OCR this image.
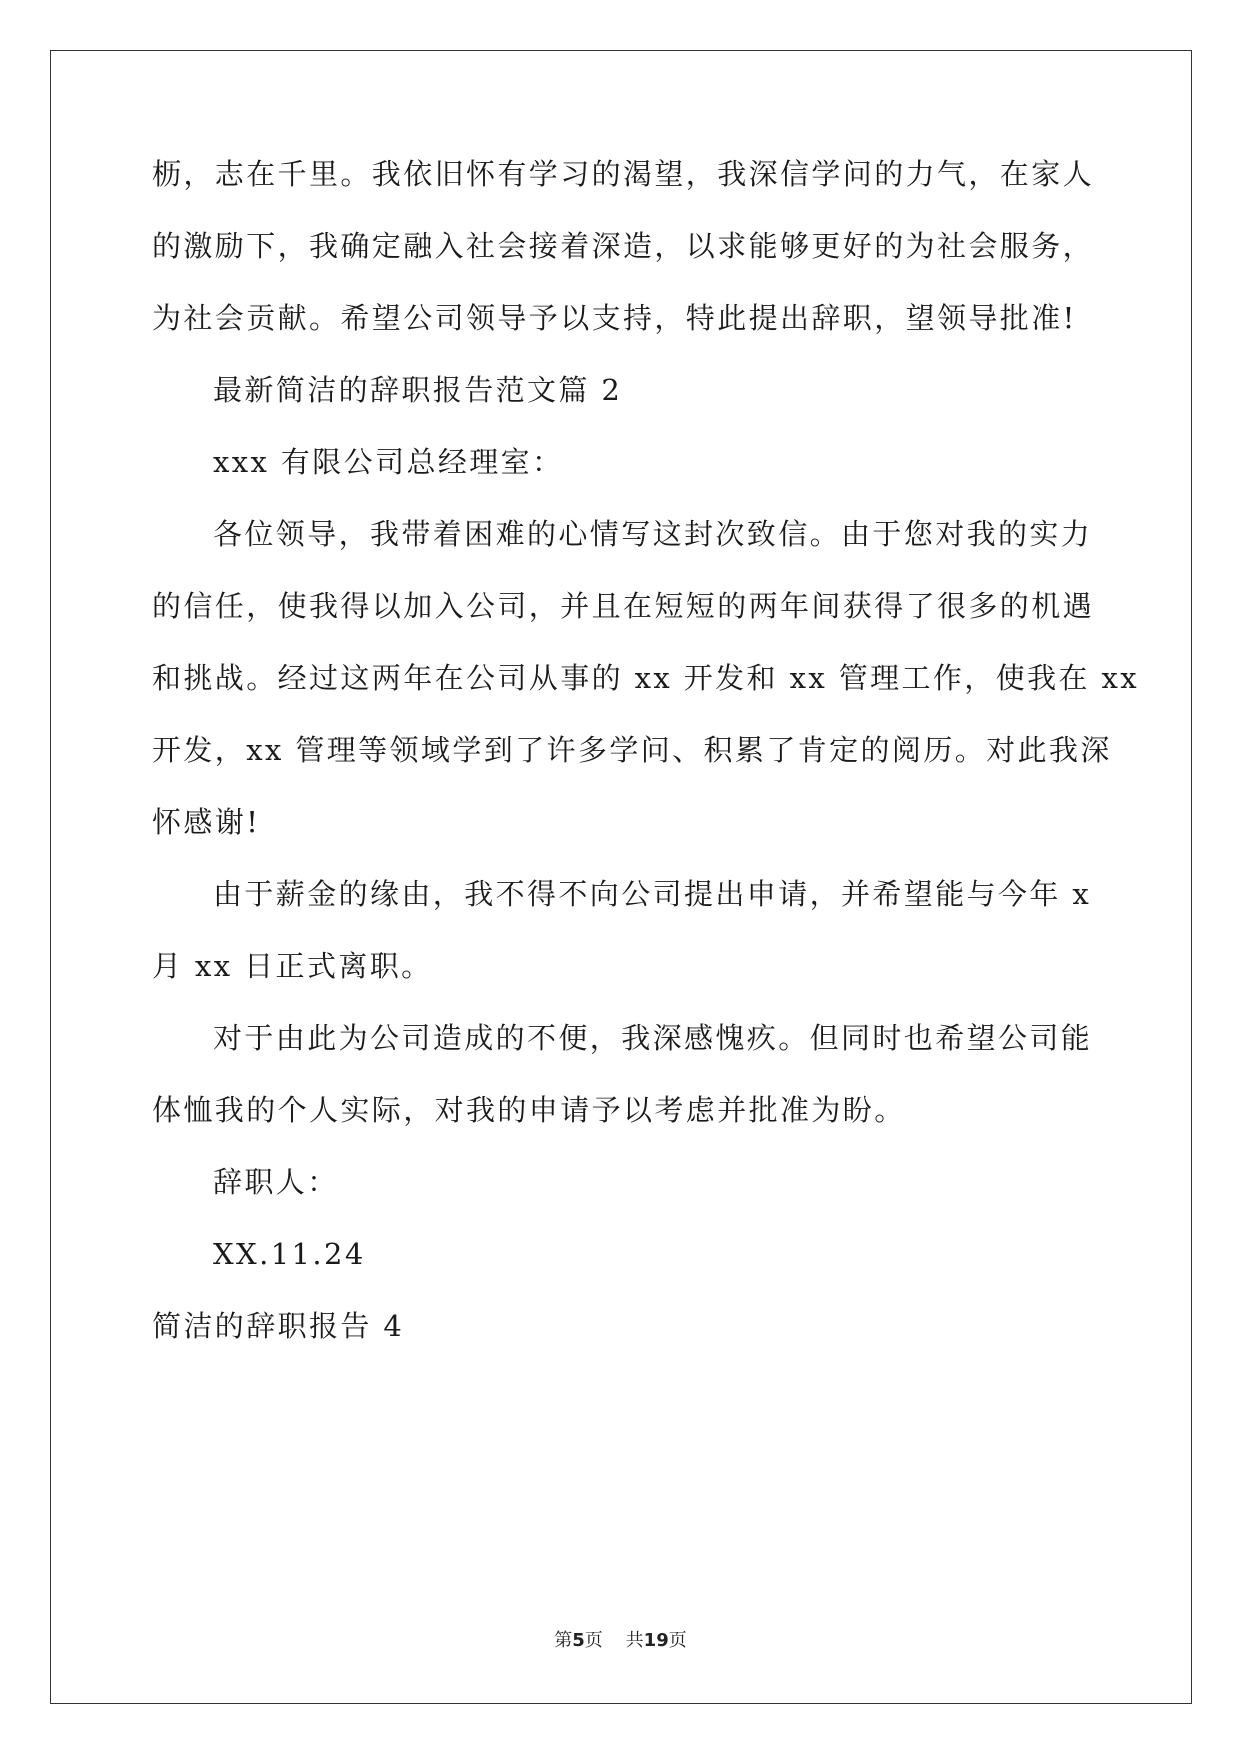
枥，志在千里。我依旧怀有学习的渴望，我深信学问的力气，在家人
的激励下，我确定融入社会接着深造，以求能够更好的为社会服务，
为社会贡献。希望公司领导予以支持，特此提出辞职，望领导批准!
最新简洁的辞职报告范文篇 2
xxx 有限公司总经理室：
各位领导，我带着困难的心情写这封次致信。由于您对我的实力
的信任，使我得以加入公司，并且在短短的两年间获得了很多的机遇
和挑战。经过这两年在公司从事的 xx 开发和 xx 管理工作，使我在 xx
开发，xx 管理等领域学到了许多学问、积累了肯定的阅历。对此我深
怀感谢!
由于薪金的缘由，我不得不向公司提出申请，并希望能与今年 x
月 xx 日正式离职。
对于由此为公司造成的不便，我深感愧疚。但同时也希望公司能
体恤我的个人实际，对我的申请予以考虑并批准为盼。
辞职人：
XX.11.24
简洁的辞职报告 4
第5页 共19页
